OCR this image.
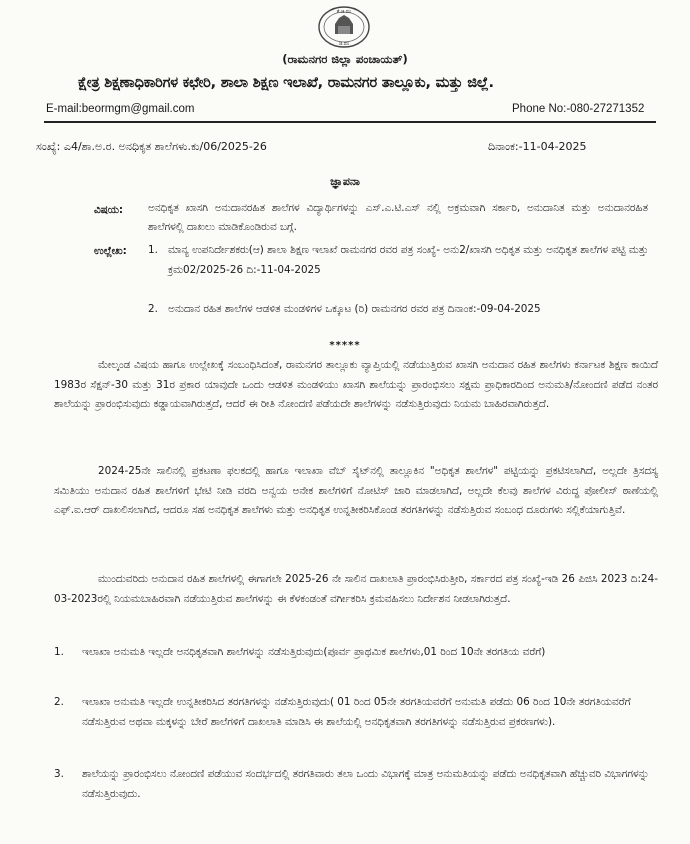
ಕೆ.ಜಿ.ಪಂ
ಜಿ.ಪಂ
(ರಾಮನಗರ ಜಿಲ್ಲಾ ಪಂಚಾಯತ್)
ಕ್ಷೇತ್ರ ಶಿಕ್ಷಣಾಧಿಕಾರಿಗಳ ಕಛೇರಿ, ಶಾಲಾ ಶಿಕ್ಷಣ ಇಲಾಖೆ, ರಾಮನಗರ ತಾಲ್ಲೂಕು, ಮತ್ತು ಜಿಲ್ಲೆ.
E-mail:beormgm@gmail.com	Phone No:-080-27271352
ಸಂಖ್ಯೆ: ಎ4/ಶಾ.ಅ.ರ. ಅನಧಿಕೃತ ಶಾಲೆಗಳು.ಕು/06/2025-26	ದಿನಾಂಕ:-11-04-2025
ಜ್ಞಾಪನಾ
ವಿಷಯ: ಅನಧಿಕೃತ ಖಾಸಗಿ ಅನುದಾನರಹಿತ ಶಾಲೆಗಳ ವಿದ್ಯಾರ್ಥಿಗಳನ್ನು ಎಸ್.ಎ.ಟಿ.ಎಸ್ ನಲ್ಲಿ ಅಕ್ರಮವಾಗಿ ಸರ್ಕಾರಿ, ಅನುದಾನಿತ ಮತ್ತು ಅನುದಾನರಹಿತ ಶಾಲೆಗಳಲ್ಲಿ ದಾಖಲು ಮಾಡಿಕೊಂಡಿರುವ ಬಗ್ಗೆ.
ಉಲ್ಲೇಖ: 1. ಮಾನ್ಯ ಉಪನಿರ್ದೇಶಕರು(ಆ) ಶಾಲಾ ಶಿಕ್ಷಣ ಇಲಾಖೆ ರಾಮನಗರ ರವರ ಪತ್ರ ಸಂಖ್ಯೆ- ಅನು2/ಖಾಸಗಿ ಅಧಿಕೃತ ಮತ್ತು ಅನಧಿಕೃತ ಶಾಲೆಗಳ ಪಟ್ಟಿ ಮತ್ತು ಕ್ರಮ02/2025-26 ದಿ:-11-04-2025
2. ಅನುದಾನ ರಹಿತ ಶಾಲೆಗಳ ಆಡಳಿತ ಮಂಡಳಿಗಳ ಒಕ್ಕೂಟ (ರಿ) ರಾಮನಗರ ರವರ ಪತ್ರ ದಿನಾಂಕ:-09-04-2025
*****
ಮೇಲ್ಕಂಡ ವಿಷಯ ಹಾಗೂ ಉಲ್ಲೇಖಕ್ಕೆ ಸಂಬಂಧಿಸಿದಂತೆ, ರಾಮನಗರ ತಾಲ್ಲೂಕು ವ್ಯಾಪ್ತಿಯಲ್ಲಿ ನಡೆಯುತ್ತಿರುವ ಖಾಸಗಿ ಅನುದಾನ ರಹಿತ ಶಾಲೆಗಳು ಕರ್ನಾಟಕ ಶಿಕ್ಷಣ ಕಾಯಿದೆ 1983ರ ಸೆಕ್ಷನ್-30 ಮತ್ತು 31ರ ಪ್ರಕಾರ ಯಾವುದೇ ಒಂದು ಆಡಳಿತ ಮಂಡಳಿಯು ಖಾಸಗಿ ಶಾಲೆಯನ್ನು ಪ್ರಾರಂಭಿಸಲು ಸಕ್ಷಮ ಪ್ರಾಧಿಕಾರದಿಂದ ಅನುಮತಿ/ನೋಂದಣಿ ಪಡೆದ ನಂತರ ಶಾಲೆಯನ್ನು ಪ್ರಾರಂಭಿಸುವುದು ಕಡ್ಡಾಯವಾಗಿರುತ್ತದೆ, ಆದರೆ ಈ ರೀತಿ ನೋಂದಣಿ ಪಡೆಯದೇ ಶಾಲೆಗಳನ್ನು ನಡೆಸುತ್ತಿರುವುದು ನಿಯಮ ಬಾಹಿರವಾಗಿರುತ್ತದೆ.
2024-25ನೇ ಸಾಲಿನಲ್ಲಿ ಪ್ರಕಟಣಾ ಫಲಕದಲ್ಲಿ ಹಾಗೂ ಇಲಾಖಾ ವೆಬ್ ಸೈಟ್‌ನಲ್ಲಿ ತಾಲ್ಲೂಕಿನ "ಅಧಿಕೃತ ಶಾಲೆಗಳ" ಪಟ್ಟಿಯನ್ನು ಪ್ರಕಟಿಸಲಾಗಿದೆ, ಅಲ್ಲದೇ ತ್ರಿಸದಸ್ಯ ಸಮಿತಿಯು ಅನುದಾನ ರಹಿತ ಶಾಲೆಗಳಿಗೆ ಭೇಟಿ ನೀಡಿ ವರದಿ ಅನ್ವಯ ಅನೇಕ ಶಾಲೆಗಳಿಗೆ ನೋಟಿಸ್ ಜಾರಿ ಮಾಡಲಾಗಿದೆ, ಅಲ್ಲದೇ ಕೆಲವು ಶಾಲೆಗಳ ವಿರುದ್ಧ ಪೋಲೀಸ್ ಠಾಣೆಯಲ್ಲಿ ಎಫ್.ಐ.ಆರ್ ದಾಖಲಿಸಲಾಗಿದೆ, ಆದರೂ ಸಹ ಅನಧಿಕೃತ ಶಾಲೆಗಳು ಮತ್ತು ಅನಧಿಕೃತ ಉನ್ನತೀಕರಿಸಿಕೊಂಡ ತರಗತಿಗಳನ್ನು ನಡೆಸುತ್ತಿರುವ ಸಂಬಂಧ ದೂರುಗಳು ಸಲ್ಲಿಕೆಯಾಗುತ್ತಿವೆ.
ಮುಂದುವರಿದು ಅನುದಾನ ರಹಿತ ಶಾಲೆಗಳಲ್ಲಿ ಈಗಾಗಲೇ 2025-26 ನೇ ಸಾಲಿನ ದಾಖಲಾತಿ ಪ್ರಾರಂಭಿಸಿರುತ್ತೀರಿ, ಸರ್ಕಾರದ ಪತ್ರ ಸಂಖ್ಯೆ-ಇಡಿ 26 ಪಿಜಿಸಿ 2023 ದಿ:24-03-2023ರಲ್ಲಿ ನಿಯಮಬಾಹಿರವಾಗಿ ನಡೆಯುತ್ತಿರುವ ಶಾಲೆಗಳನ್ನು ಈ ಕೆಳಕಂಡಂತೆ ವರ್ಗೀಕರಿಸಿ ಕ್ರಮವಹಿಸಲು ನಿರ್ದೇಶನ ನೀಡಲಾಗಿರುತ್ತದೆ.
1. ಇಲಾಖಾ ಅನುಮತಿ ಇಲ್ಲದೇ ಅನಧಿಕೃತವಾಗಿ ಶಾಲೆಗಳನ್ನು ನಡೆಸುತ್ತಿರುವುದು(ಪೂರ್ವ ಪ್ರಾಥಮಿಕ ಶಾಲೆಗಳು,01 ರಿಂದ 10ನೇ ತರಗತಿಯ ವರೆಗೆ)
2. ಇಲಾಖಾ ಅನುಮತಿ ಇಲ್ಲದೇ ಉನ್ನತೀಕರಿಸಿದ ತರಗತಿಗಳನ್ನು ನಡೆಸುತ್ತಿರುವುದು( 01 ರಿಂದ 05ನೇ ತರಗತಿಯವರೆಗೆ ಅನುಮತಿ ಪಡೆದು 06 ರಿಂದ 10ನೇ ತರಗತಿಯವರೆಗೆ ನಡೆಸುತ್ತಿರುವ ಅಥವಾ ಮಕ್ಕಳನ್ನು ಬೇರೆ ಶಾಲೆಗಳಿಗೆ ದಾಖಲಾತಿ ಮಾಡಿಸಿ ಈ ಶಾಲೆಯಲ್ಲಿ ಅನಧಿಕೃತವಾಗಿ ತರಗತಿಗಳನ್ನು ನಡೆಸುತ್ತಿರುವ ಪ್ರಕರಣಗಳು).
3. ಶಾಲೆಯನ್ನು ಪ್ರಾರಂಭಿಸಲು ನೋಂದಣಿ ಪಡೆಯುವ ಸಂದರ್ಭದಲ್ಲಿ ತರಗತಿವಾರು ತಲಾ ಒಂದು ವಿಭಾಗಕ್ಕೆ ಮಾತ್ರ ಅನುಮತಿಯನ್ನು ಪಡೆದು ಅನಧಿಕೃತವಾಗಿ ಹೆಚ್ಚುವರಿ ವಿಭಾಗಗಳನ್ನು ನಡೆಸುತ್ತಿರುವುದು.
